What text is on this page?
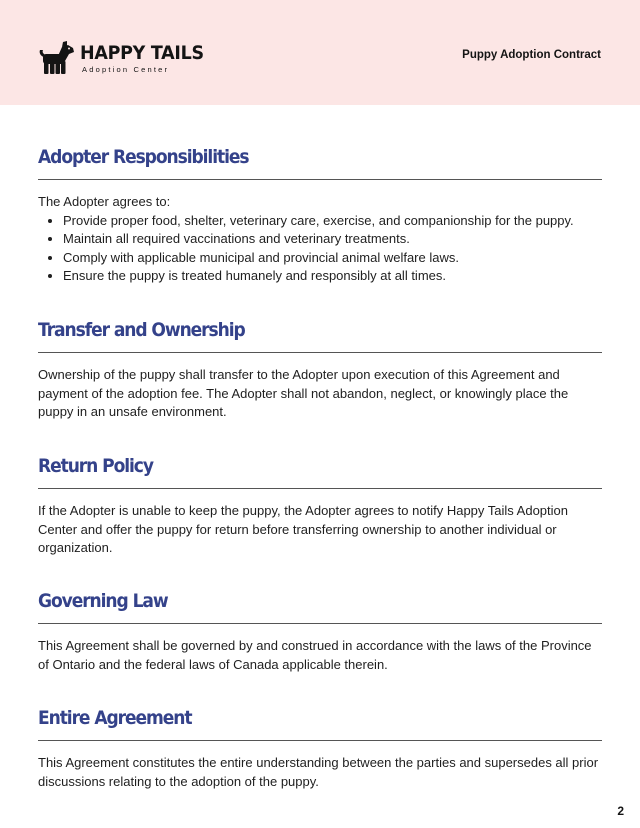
HAPPY TAILS
Adoption Center
Puppy Adoption Contract
Adopter Responsibilities

The Adopter agrees to:

• Provide proper food, shelter, veterinary care, exercise, and companionship for the puppy.
• Maintain all required vaccinations and veterinary treatments.
• Comply with applicable municipal and provincial animal welfare laws.
• Ensure the puppy is treated humanely and responsibly at all times.
Transfer and Ownership

Ownership of the puppy shall transfer to the Adopter upon execution of this Agreement and payment of the adoption fee. The Adopter shall not abandon, neglect, or knowingly place the puppy in an unsafe environment.

Return Policy

If the Adopter is unable to keep the puppy, the Adopter agrees to notify Happy Tails Adoption Center and offer the puppy for return before transferring ownership to another individual or organization.

Governing Law

This Agreement shall be governed by and construed in accordance with the laws of the Province of Ontario and the federal laws of Canada applicable therein.

Entire Agreement

This Agreement constitutes the entire understanding between the parties and supersedes all prior discussions relating to the adoption of the puppy.

2
